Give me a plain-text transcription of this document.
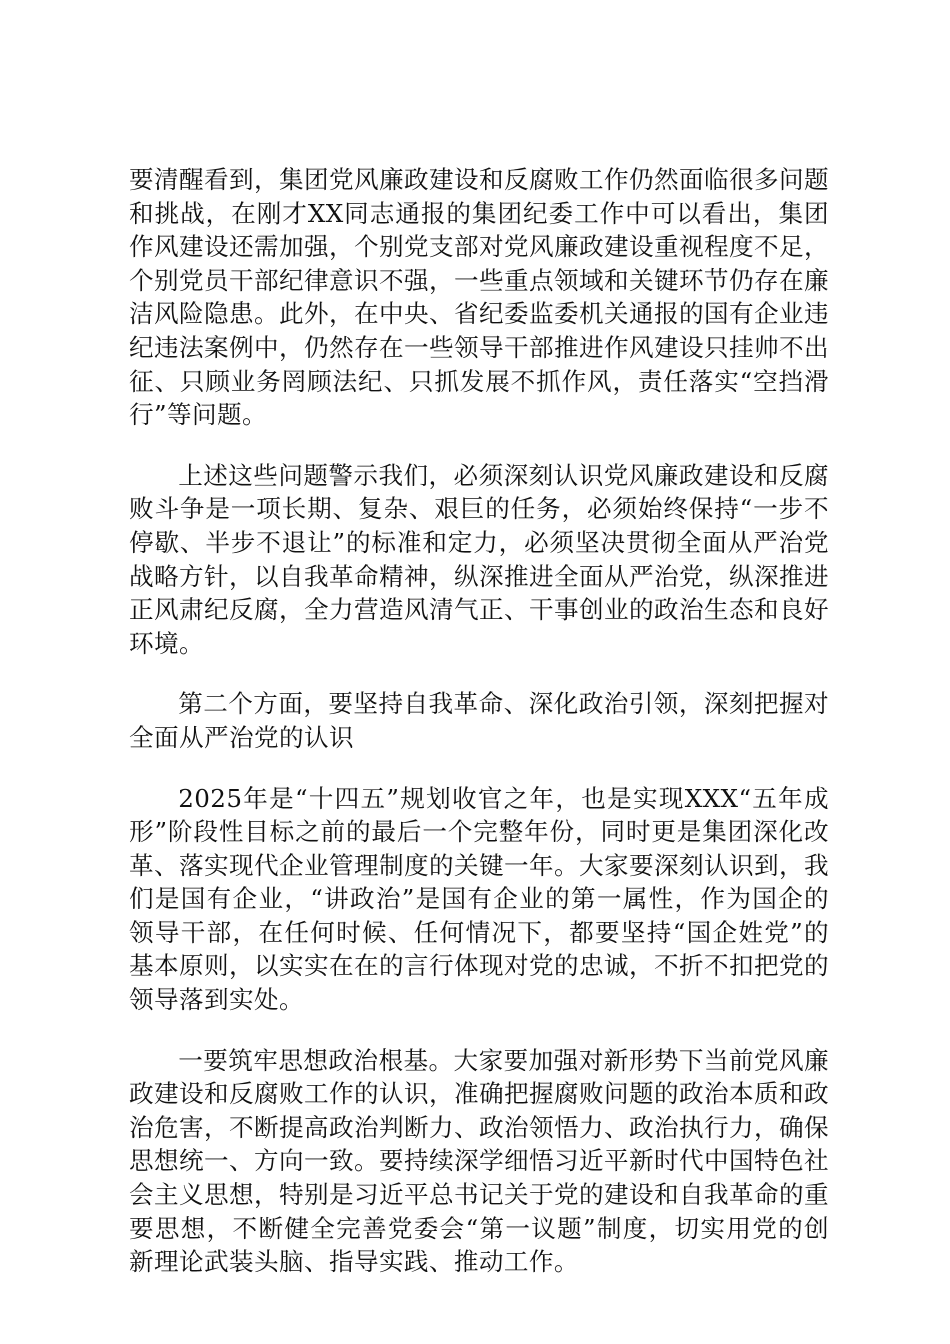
要清醒看到，集团党风廉政建设和反腐败工作仍然面临很多问题和挑战，在刚才XX同志通报的集团纪委工作中可以看出，集团作风建设还需加强，个别党支部对党风廉政建设重视程度不足，个别党员干部纪律意识不强，一些重点领域和关键环节仍存在廉洁风险隐患。此外，在中央、省纪委监委机关通报的国有企业违纪违法案例中，仍然存在一些领导干部推进作风建设只挂帅不出征、只顾业务罔顾法纪、只抓发展不抓作风，责任落实“空挡滑行”等问题。

上述这些问题警示我们，必须深刻认识党风廉政建设和反腐败斗争是一项长期、复杂、艰巨的任务，必须始终保持“一步不停歇、半步不退让”的标准和定力，必须坚决贯彻全面从严治党战略方针，以自我革命精神，纵深推进全面从严治党，纵深推进正风肃纪反腐，全力营造风清气正、干事创业的政治生态和良好环境。

第二个方面，要坚持自我革命、深化政治引领，深刻把握对全面从严治党的认识

2025年是“十四五”规划收官之年，也是实现XXX“五年成形”阶段性目标之前的最后一个完整年份，同时更是集团深化改革、落实现代企业管理制度的关键一年。大家要深刻认识到，我们是国有企业，“讲政治”是国有企业的第一属性，作为国企的领导干部，在任何时候、任何情况下，都要坚持“国企姓党”的基本原则，以实实在在的言行体现对党的忠诚，不折不扣把党的领导落到实处。

一要筑牢思想政治根基。大家要加强对新形势下当前党风廉政建设和反腐败工作的认识，准确把握腐败问题的政治本质和政治危害，不断提高政治判断力、政治领悟力、政治执行力，确保思想统一、方向一致。要持续深学细悟习近平新时代中国特色社会主义思想，特别是习近平总书记关于党的建设和自我革命的重要思想，不断健全完善党委会“第一议题”制度，切实用党的创新理论武装头脑、指导实践、推动工作。
